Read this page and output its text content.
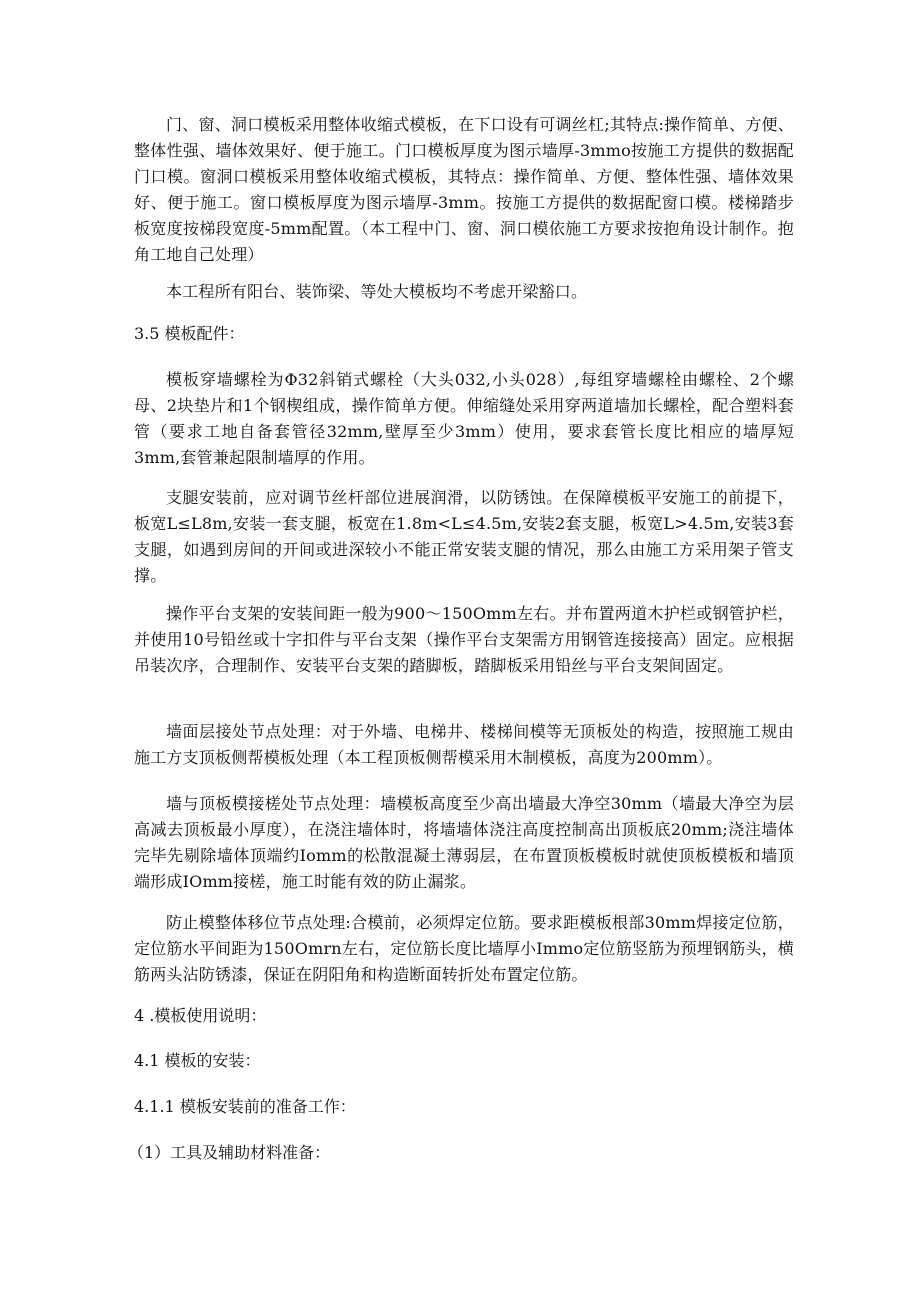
门、窗、洞口模板采用整体收缩式模板，在下口设有可调丝杠;其特点:操作简单、方便、整体性强、墙体效果好、便于施工。门口模板厚度为图示墙厚-3mmo按施工方提供的数据配门口模。窗洞口模板采用整体收缩式模板，其特点：操作简单、方便、整体性强、墙体效果好、便于施工。窗口模板厚度为图示墙厚-3mm。按施工方提供的数据配窗口模。楼梯踏步板宽度按梯段宽度-5mm配置。（本工程中门、窗、洞口模依施工方要求按抱角设计制作。抱角工地自己处理）

本工程所有阳台、装饰梁、等处大模板均不考虑开梁豁口。

3.5 模板配件：

模板穿墙螺栓为Φ32斜销式螺栓（大头032,小头028）,每组穿墙螺栓由螺栓、2个螺母、2块垫片和1个钢楔组成，操作简单方便。伸缩缝处采用穿两道墙加长螺栓，配合塑料套管（要求工地自备套管径32mm,壁厚至少3mm）使用，要求套管长度比相应的墙厚短3mm,套管兼起限制墙厚的作用。

支腿安装前，应对调节丝杆部位进展润滑，以防锈蚀。在保障模板平安施工的前提下，板宽L≤L8m,安装一套支腿，板宽在1.8m<L≤4.5m,安装2套支腿，板宽L>4.5m,安装3套支腿，如遇到房间的开间或进深较小不能正常安装支腿的情况，那么由施工方采用架子管支撑。

操作平台支架的安装间距一般为900～150Omm左右。并布置两道木护栏或钢管护栏，并使用10号铅丝或十字扣件与平台支架（操作平台支架需方用钢管连接接高）固定。应根据吊装次序，合理制作、安装平台支架的踏脚板，踏脚板采用铅丝与平台支架间固定。

墙面层接处节点处理：对于外墙、电梯井、楼梯间模等无顶板处的构造，按照施工规由施工方支顶板侧帮模板处理（本工程顶板侧帮模采用木制模板，高度为200mm）。

墙与顶板模接槎处节点处理：墙模板高度至少高出墙最大净空30mm（墙最大净空为层高减去顶板最小厚度），在浇注墙体时，将墙墙体浇注高度控制高出顶板底20mm;浇注墙体完毕先剔除墙体顶端约Iomm的松散混凝土薄弱层，在布置顶板模板时就使顶板模板和墙顶端形成IOmm接槎，施工时能有效的防止漏浆。

防止模整体移位节点处理:合模前，必须焊定位筋。要求距模板根部30mm焊接定位筋，定位筋水平间距为150Omrn左右，定位筋长度比墙厚小Immo定位筋竖筋为预埋钢筋头，横筋两头沾防锈漆，保证在阴阳角和构造断面转折处布置定位筋。

4 .模板使用说明：

4.1 模板的安装：

4.1.1 模板安装前的准备工作：

（1）工具及辅助材料准备：
